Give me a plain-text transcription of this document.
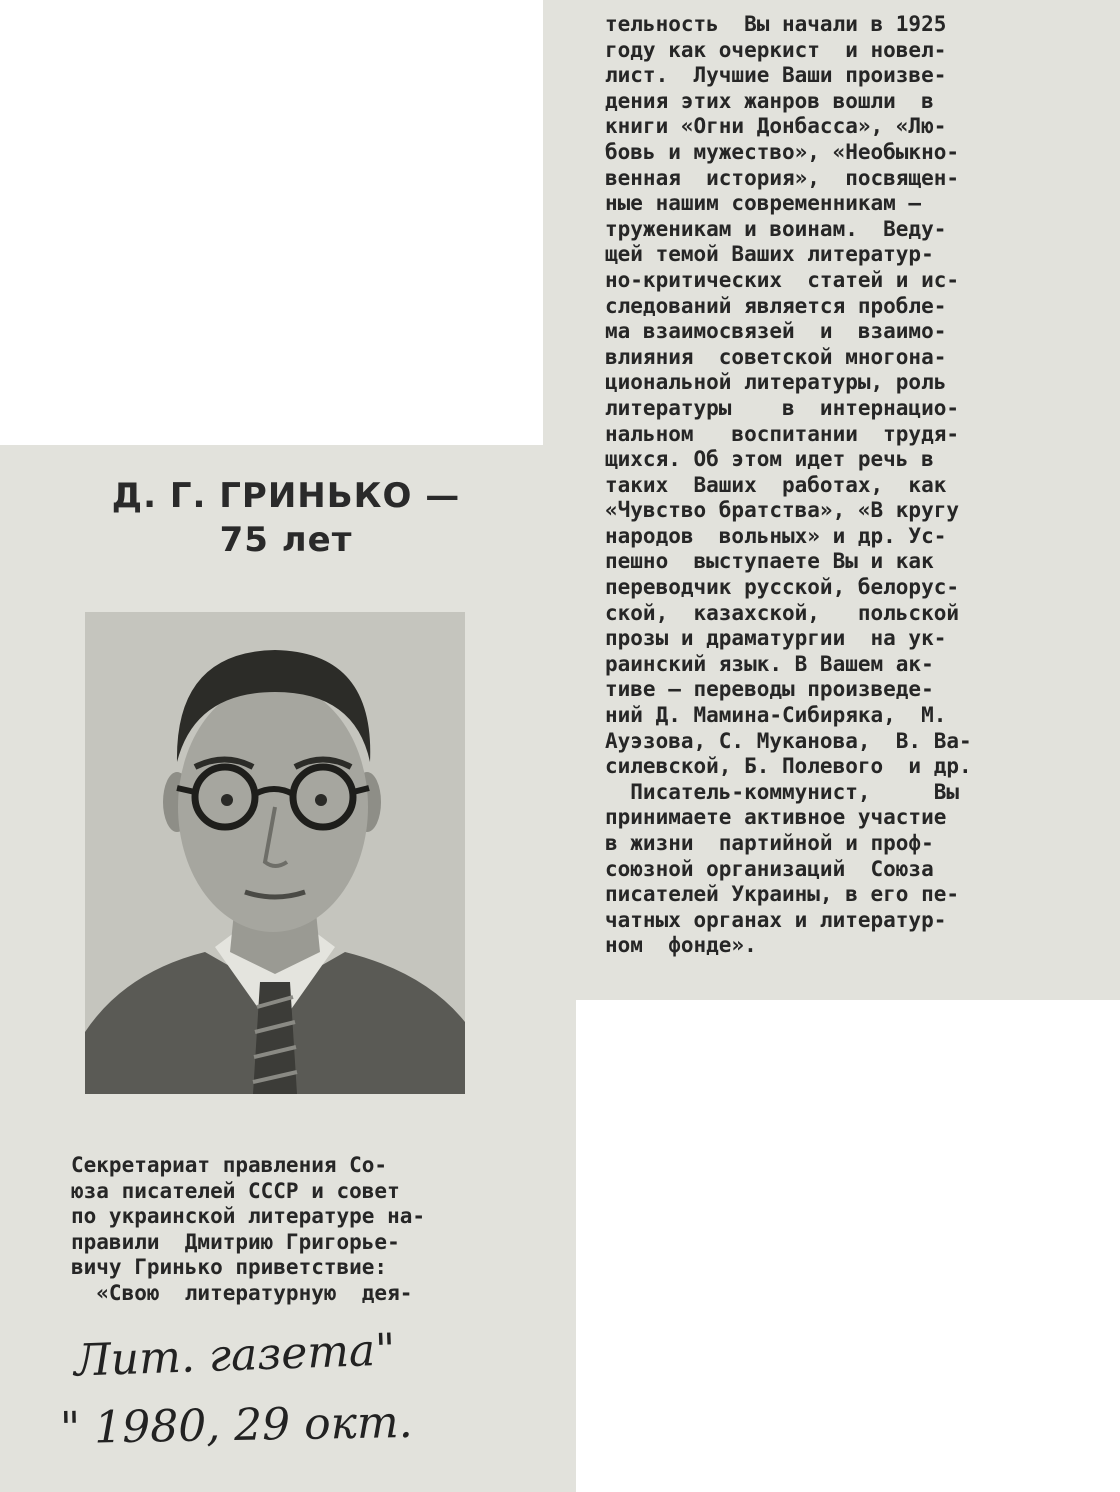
Д. Г. ГРИНЬКО —
75 лет
тельность  Вы начали в 1925
году как очеркист  и новел-
лист.  Лучшие Ваши произве-
дения этих жанров вошли  в
книги «Огни Донбасса», «Лю-
бовь и мужество», «Необыкно-
венная  история»,  посвящен-
ные нашим современникам —
труженикам и воинам.  Веду-
щей темой Ваших литератур-
но-критических  статей и ис-
следований является пробле-
ма взаимосвязей  и  взаимо-
влияния  советской многона-
циональной литературы, роль
литературы    в  интернацио-
нальном   воспитании  трудя-
щихся. Об этом идет речь в
таких  Ваших  работах,  как
«Чувство братства», «В кругу
народов  вольных» и др. Ус-
пешно  выступаете Вы и как
переводчик русской, белорус-
ской,  казахской,   польской
прозы и драматургии  на ук-
раинский язык. В Вашем ак-
тиве — переводы произведе-
ний Д. Мамина-Сибиряка,  М.
Ауэзова, С. Муканова,  В. Ва-
силевской, Б. Полевого  и др.
Писатель-коммунист,     Вы
принимаете активное участие
в жизни  партийной и проф-
союзной организаций  Союза
писателей Украины, в его пе-
чатных органах и литератур-
ном  фонде».
Секретариат правления Со-
юза писателей СССР и совет
по украинской литературе на-
правили  Дмитрию Григорье-
вичу Гринько приветствие:
«Свою  литературную  дея-
Лит. газета"
" 1980, 29 окт.
